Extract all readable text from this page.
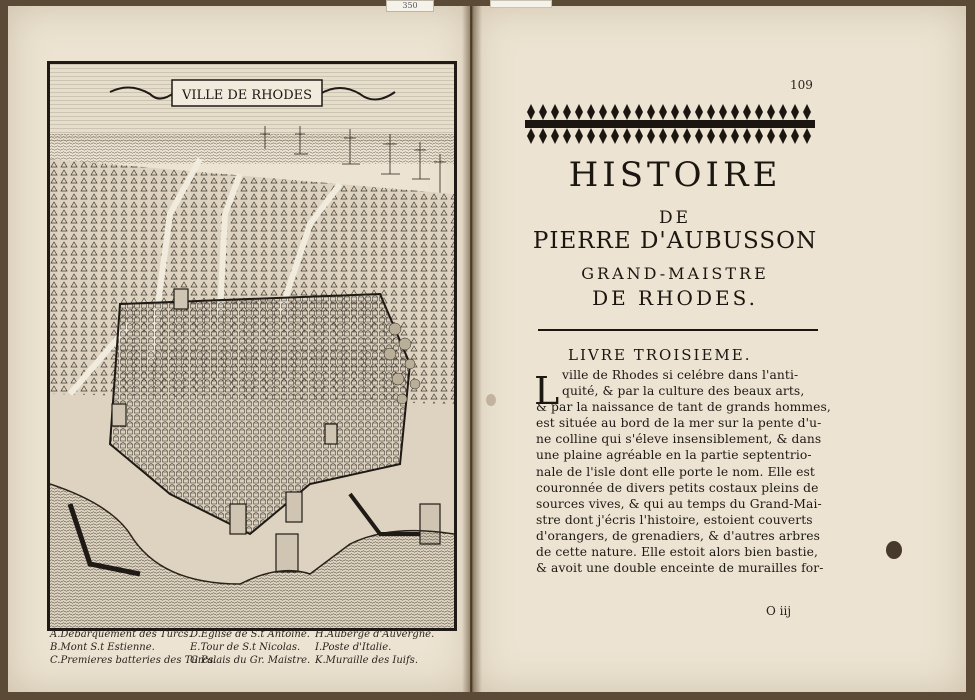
350
VILLE DE RHODES
A.Debarquement des Turcs.
B.Mont S.t Estienne.
C.Premieres batteries des Turcs.
D.Eglise de S.t Antoine.
E.Tour de S.t Nicolas.
G.Palais du Gr. Maistre.
H.Auberge d'Auvergne.
I.Poste d'Italie.
K.Muraille des Iuifs.
109
HISTOIRE
DE
PIERRE D'AUBUSSON
GRAND-MAISTRE
DE RHODES.
LIVRE TROISIEME.
L ville de Rhodes si celébre dans l'anti-
quité, & par la culture des beaux arts,
& par la naissance de tant de grands hommes,
est située au bord de la mer sur la pente d'u-
ne colline qui s'éleve insensiblement, & dans
une plaine agréable en la partie septentrio-
nale de l'isle dont elle porte le nom. Elle est
couronnée de divers petits costaux pleins de
sources vives, & qui au temps du Grand-Mai-
stre dont j'écris l'histoire, estoient couverts
d'orangers, de grenadiers, & d'autres arbres
de cette nature. Elle estoit alors bien bastie,
& avoit une double enceinte de murailles for-
O iij
